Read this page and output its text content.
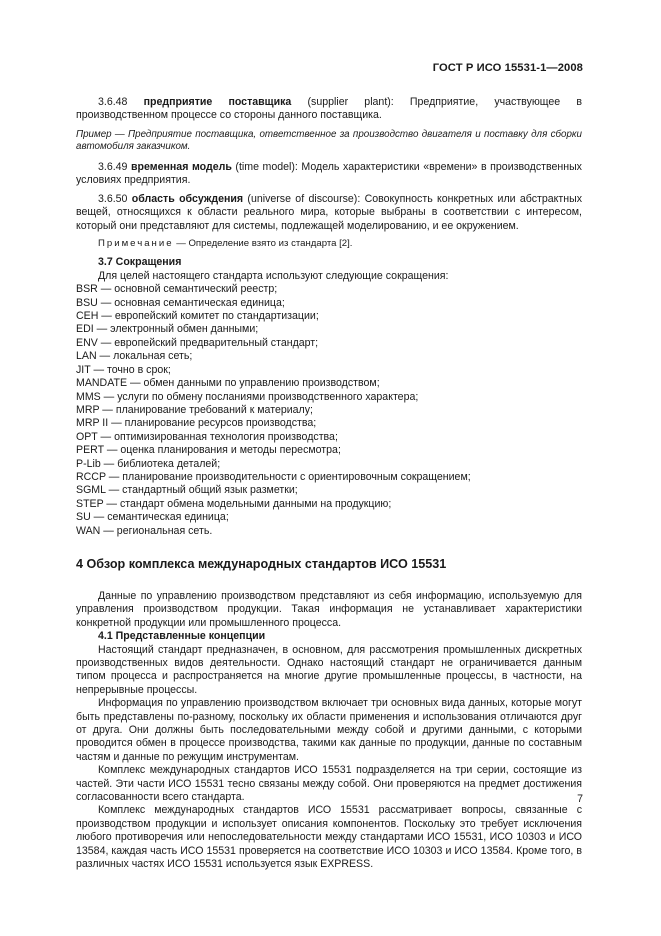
ГОСТ Р ИСО 15531-1—2008

3.6.48 предприятие поставщика (supplier plant): Предприятие, участвующее в производственном процессе со стороны данного поставщика.

Пример — Предприятие поставщика, ответственное за производство двигателя и поставку для сборки автомобиля заказчиком.

3.6.49 временная модель (time model): Модель характеристики «времени» в производственных условиях предприятия.

3.6.50 область обсуждения (universe of discourse): Совокупность конкретных или абстрактных вещей, относящихся к области реального мира, которые выбраны в соответствии с интересом, который они представляют для системы, подлежащей моделированию, и ее окружением.

Примечание — Определение взято из стандарта [2].

3.7 Сокращения

Для целей настоящего стандарта используют следующие сокращения:

BSR — основной семантический реестр;

BSU — основная семантическая единица;

CEH — европейский комитет по стандартизации;

EDI — электронный обмен данными;

ENV — европейский предварительный стандарт;

LAN — локальная сеть;

JIT — точно в срок;

MANDATE — обмен данными по управлению производством;

MMS — услуги по обмену посланиями производственного характера;

MRP — планирование требований к материалу;

MRP II — планирование ресурсов производства;

OPT — оптимизированная технология производства;

PERT — оценка планирования и методы пересмотра;

P-Lib — библиотека деталей;

RCCP — планирование производительности с ориентировочным сокращением;

SGML — стандартный общий язык разметки;

STEP — стандарт обмена модельными данными на продукцию;

SU — семантическая единица;

WAN — региональная сеть.

4 Обзор комплекса международных стандартов ИСО 15531

Данные по управлению производством представляют из себя информацию, используемую для управления производством продукции. Такая информация не устанавливает характеристики конкретной продукции или промышленного процесса.

4.1 Представленные концепции

Настоящий стандарт предназначен, в основном, для рассмотрения промышленных дискретных производственных видов деятельности. Однако настоящий стандарт не ограничивается данным типом процесса и распространяется на многие другие промышленные процессы, в частности, на непрерывные процессы.

Информация по управлению производством включает три основных вида данных, которые могут быть представлены по-разному, поскольку их области применения и использования отличаются друг от друга. Они должны быть последовательными между собой и другими данными, с которыми проводится обмен в процессе производства, такими как данные по продукции, данные по составным частям и данные по режущим инструментам.

Комплекс международных стандартов ИСО 15531 подразделяется на три серии, состоящие из частей. Эти части ИСО 15531 тесно связаны между собой. Они проверяются на предмет достижения согласованности всего стандарта.

Комплекс международных стандартов ИСО 15531 рассматривает вопросы, связанные с производством продукции и использует описания компонентов. Поскольку это требует исключения любого противоречия или непоследовательности между стандартами ИСО 15531, ИСО 10303 и ИСО 13584, каждая часть ИСО 15531 проверяется на соответствие ИСО 10303 и ИСО 13584. Кроме того, в различных частях ИСО 15531 используется язык EXPRESS.

7
